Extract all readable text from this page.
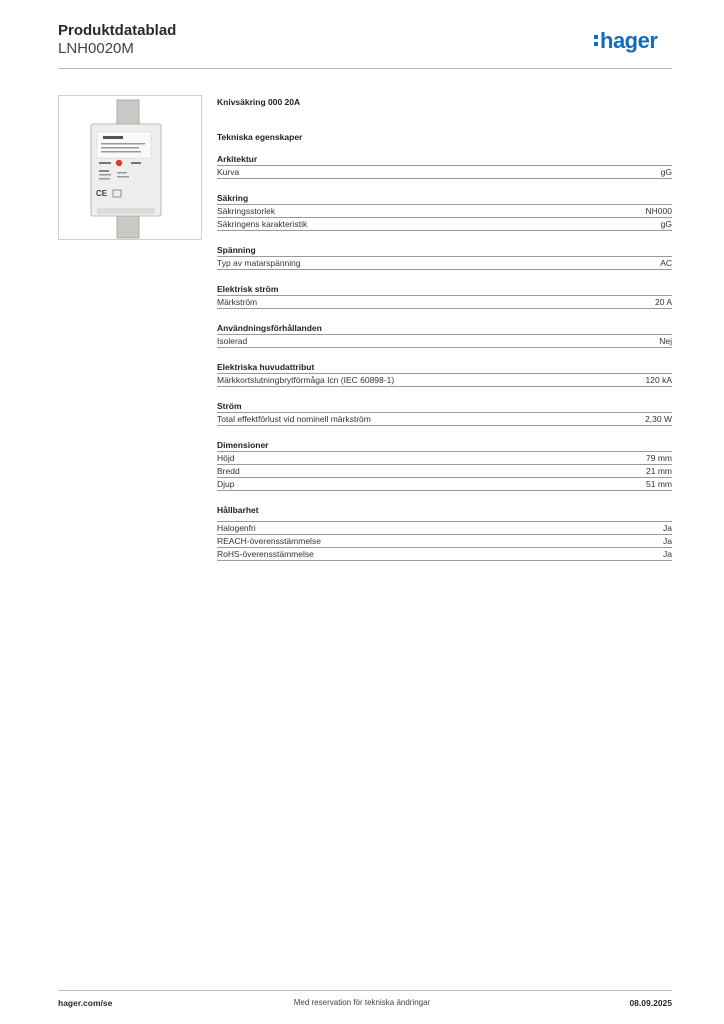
Produktdatablad
LNH0020M	hager
CE
Knivsäkring 000 20A
Tekniska egenskaper
Arkitektur
Kurva	gG
Säkring
Säkringsstorlek	NH000
Säkringens karakteristik	gG
Spänning
Typ av matarspänning	AC
Elektrisk ström
Märkström	20 A
Användningsförhållanden
Isolerad	Nej
Elektriska huvudattribut
Märkkortslutningbrytförmåga Icn (IEC 60898-1)	120 kA
Ström
Total effektförlust vid nominell märkström	2,30 W
Dimensioner
Höjd	79 mm
Bredd	21 mm
Djup	51 mm
Hållbarhet
Halogenfri	Ja
REACH-överensstämmelse	Ja
RoHS-överensstämmelse	Ja
hager.com/se	Med reservation för tekniska ändringar	08.09.2025
